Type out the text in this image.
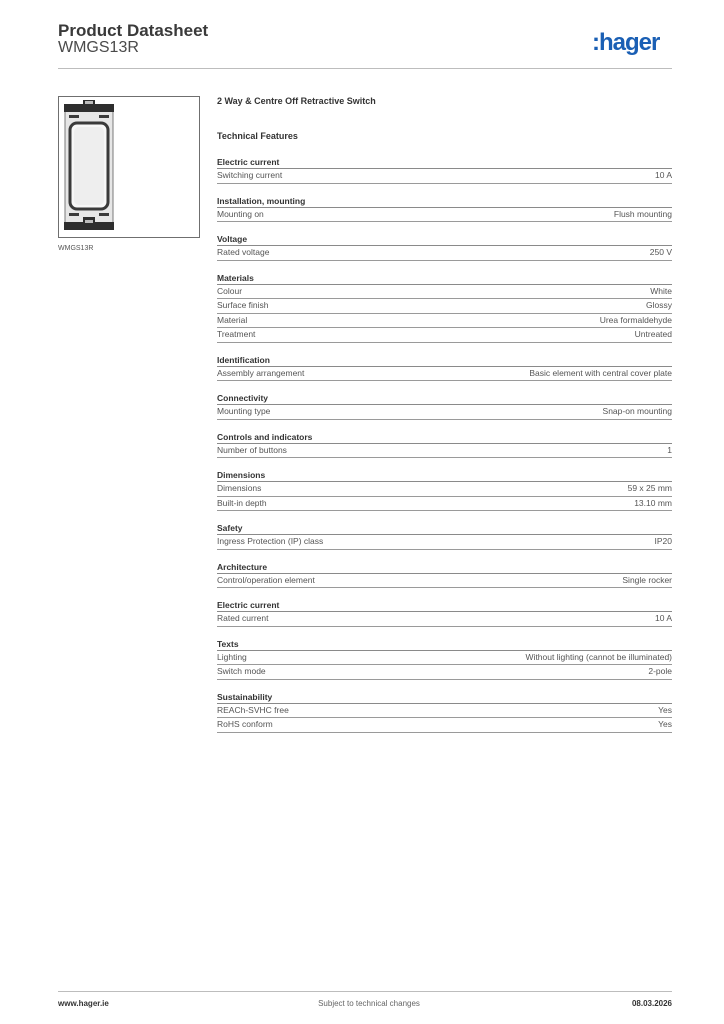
Product Datasheet
WMGS13R	:hager
WMGS13R
2 Way & Centre Off Retractive Switch
Technical Features
Electric current
Switching current	10 A
Installation, mounting
Mounting on	Flush mounting
Voltage
Rated voltage	250 V
Materials
Colour	White
Surface finish	Glossy
Material	Urea formaldehyde
Treatment	Untreated
Identification
Assembly arrangement	Basic element with central cover plate
Connectivity
Mounting type	Snap-on mounting
Controls and indicators
Number of buttons	1
Dimensions
Dimensions	59 x 25 mm
Built-in depth	13.10 mm
Safety
Ingress Protection (IP) class	IP20
Architecture
Control/operation element	Single rocker
Electric current
Rated current	10 A
Texts
Lighting	Without lighting (cannot be illuminated)
Switch mode	2-pole
Sustainability
REACh-SVHC free	Yes
RoHS conform	Yes
www.hager.ie	Subject to technical changes	08.03.2026
